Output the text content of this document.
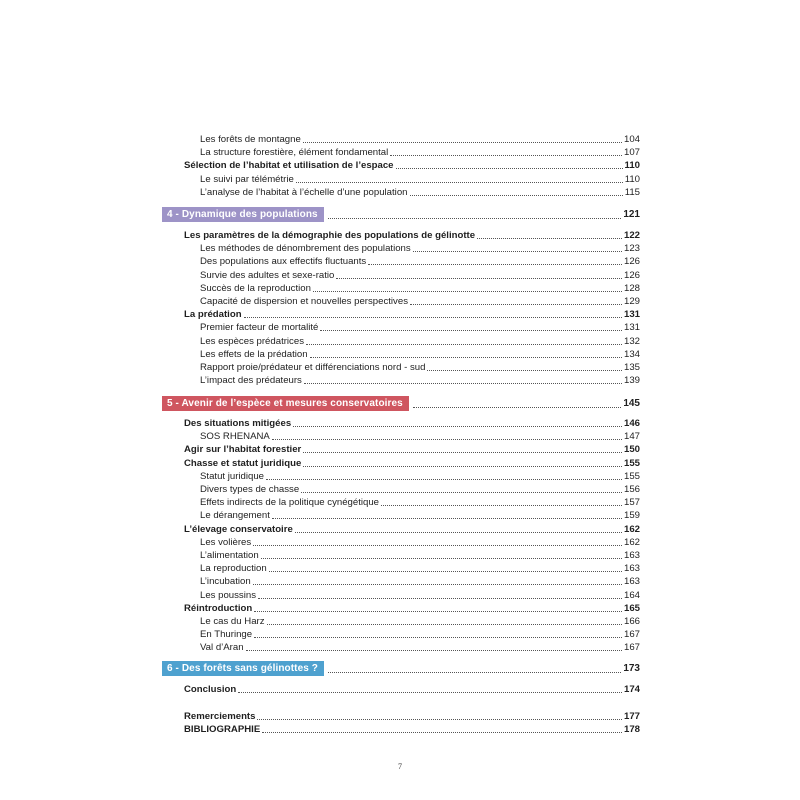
Les forêts de montagne	104
La structure forestière, élément fondamental	107
Sélection de l’habitat et utilisation de l’espace	110
Le suivi par télémétrie	110
L’analyse de l’habitat à l’échelle d’une population	115
4 - Dynamique des populations	121
Les paramètres de la démographie des populations de gélinotte	122
Les méthodes de dénombrement des populations	123
Des populations aux effectifs fluctuants	126
Survie des adultes et sexe-ratio	126
Succès de la reproduction	128
Capacité de dispersion et nouvelles perspectives	129
La prédation	131
Premier facteur de mortalité	131
Les espèces prédatrices	132
Les effets de la prédation	134
Rapport proie/prédateur et différenciations nord - sud	135
L’impact des prédateurs	139
5 - Avenir de l’espèce et mesures conservatoires	145
Des situations mitigées	146
SOS RHENANA	147
Agir sur l’habitat forestier	150
Chasse et statut juridique	155
Statut juridique	155
Divers types de chasse	156
Effets indirects de la politique cynégétique	157
Le dérangement	159
L’élevage conservatoire	162
Les volières	162
L’alimentation	163
La reproduction	163
L’incubation	163
Les poussins	164
Réintroduction	165
Le cas du Harz	166
En Thuringe	167
Val d’Aran	167
6 - Des forêts sans gélinottes ?	173
Conclusion	174
Remerciements	177
BIBLIOGRAPHIE	178
7
